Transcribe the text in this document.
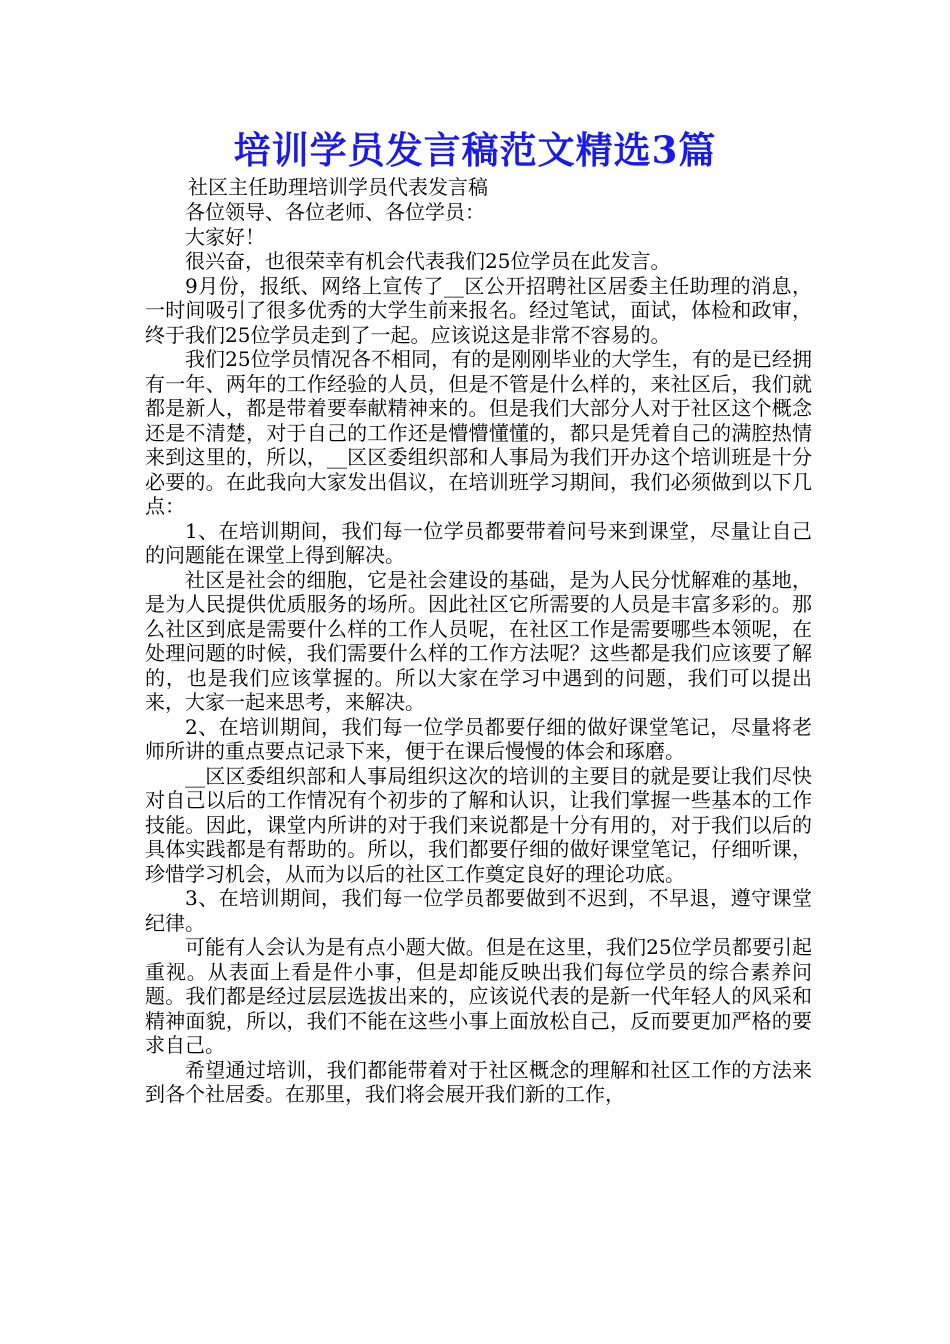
培训学员发言稿范文精选3篇
社区主任助理培训学员代表发言稿

各位领导、各位老师、各位学员：

大家好！

很兴奋，也很荣幸有机会代表我们25位学员在此发言。

9月份，报纸、网络上宣传了__区公开招聘社区居委主任助理的消息，一时间吸引了很多优秀的大学生前来报名。经过笔试，面试，体检和政审，终于我们25位学员走到了一起。应该说这是非常不容易的。

我们25位学员情况各不相同，有的是刚刚毕业的大学生，有的是已经拥有一年、两年的工作经验的人员，但是不管是什么样的，来社区后，我们就都是新人，都是带着要奉献精神来的。但是我们大部分人对于社区这个概念还是不清楚，对于自己的工作还是懵懵懂懂的，都只是凭着自己的满腔热情来到这里的，所以，__区区委组织部和人事局为我们开办这个培训班是十分必要的。在此我向大家发出倡议，在培训班学习期间，我们必须做到以下几点：

1、在培训期间，我们每一位学员都要带着问号来到课堂，尽量让自己的问题能在课堂上得到解决。

社区是社会的细胞，它是社会建设的基础，是为人民分忧解难的基地，是为人民提供优质服务的场所。因此社区它所需要的人员是丰富多彩的。那么社区到底是需要什么样的工作人员呢，在社区工作是需要哪些本领呢，在处理问题的时候，我们需要什么样的工作方法呢？这些都是我们应该要了解的，也是我们应该掌握的。所以大家在学习中遇到的问题，我们可以提出来，大家一起来思考，来解决。

2、在培训期间，我们每一位学员都要仔细的做好课堂笔记，尽量将老师所讲的重点要点记录下来，便于在课后慢慢的体会和琢磨。

__区区委组织部和人事局组织这次的培训的主要目的就是要让我们尽快对自己以后的工作情况有个初步的了解和认识，让我们掌握一些基本的工作技能。因此，课堂内所讲的对于我们来说都是十分有用的，对于我们以后的具体实践都是有帮助的。所以，我们都要仔细的做好课堂笔记，仔细听课，珍惜学习机会，从而为以后的社区工作奠定良好的理论功底。

3、在培训期间，我们每一位学员都要做到不迟到，不早退，遵守课堂纪律。

可能有人会认为是有点小题大做。但是在这里，我们25位学员都要引起重视。从表面上看是件小事，但是却能反映出我们每位学员的综合素养问题。我们都是经过层层选拔出来的，应该说代表的是新一代年轻人的风采和精神面貌，所以，我们不能在这些小事上面放松自己，反而要更加严格的要求自己。

希望通过培训，我们都能带着对于社区概念的理解和社区工作的方法来到各个社居委。在那里，我们将会展开我们新的工作，
